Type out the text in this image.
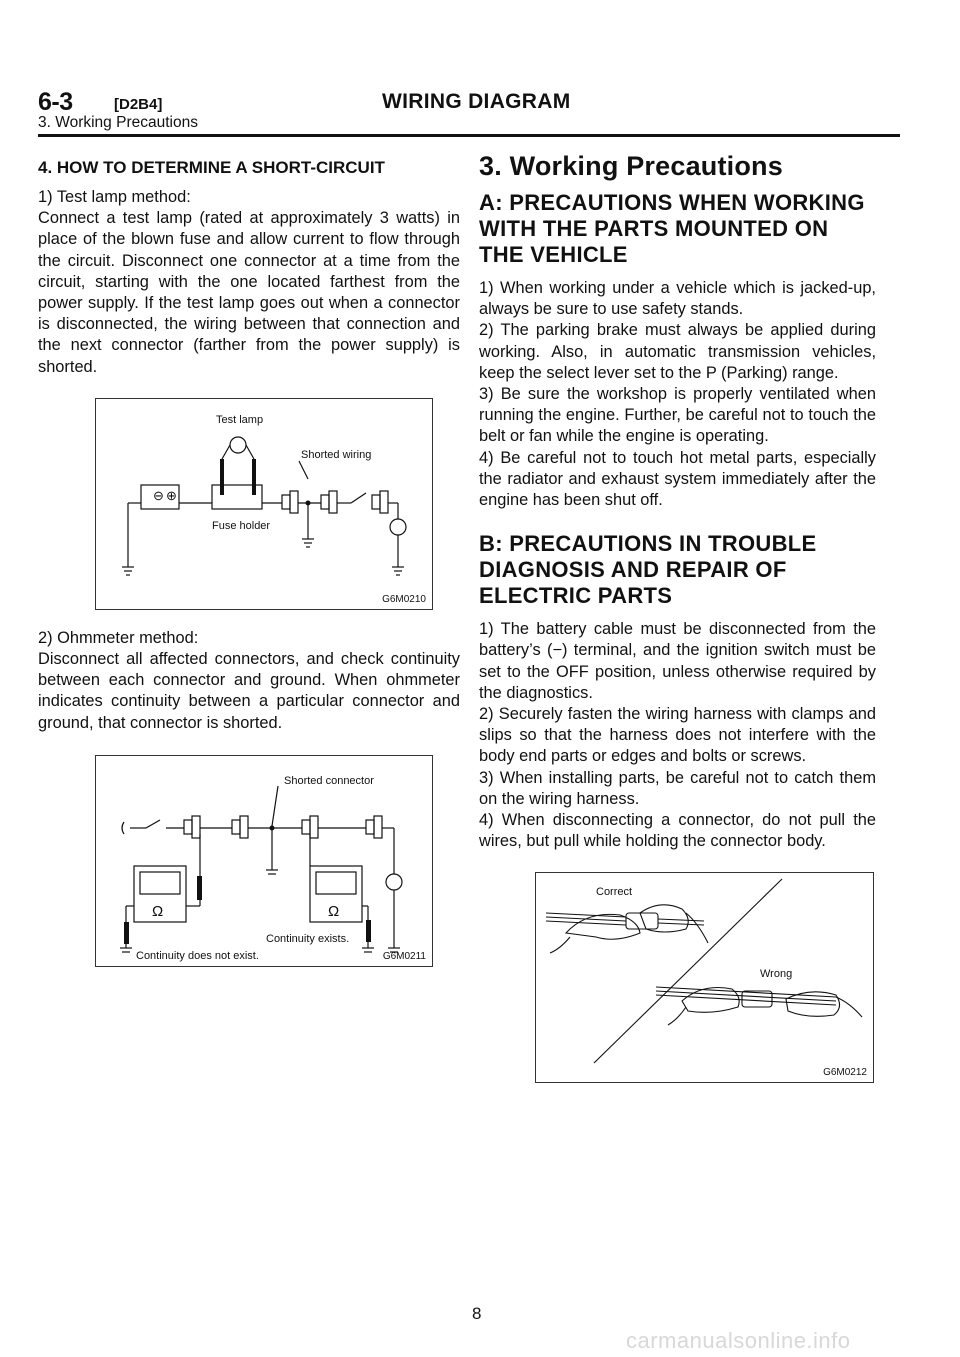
6-3	[D2B4]	WIRING DIAGRAM
3. Working Precautions
4. HOW TO DETERMINE A SHORT-CIRCUIT

1) Test lamp method:

Connect a test lamp (rated at approximately 3 watts) in place of the blown fuse and allow current to flow through the circuit. Disconnect one connector at a time from the circuit, starting with the one located farthest from the power supply. If the test lamp goes out when a connector is disconnected, the wiring between that connection and the next connector (farther from the power supply) is shorted.

⊖ ⊕
Test lamp
Shorted wiring
Fuse holder
G6M0210

2) Ohmmeter method:

Disconnect all affected connectors, and check continuity between each connector and ground. When ohmmeter indicates continuity between a particular connector and ground, that connector is shorted.

Ω	Ω
Shorted connector
Continuity exists.
Continuity does not exist.	G6M0211
3. Working Precautions
A: PRECAUTIONS WHEN WORKING WITH THE PARTS MOUNTED ON THE VEHICLE

1) When working under a vehicle which is jacked-up, always be sure to use safety stands.

2) The parking brake must always be applied during working. Also, in automatic transmission vehicles, keep the select lever set to the P (Parking) range.

3) Be sure the workshop is properly ventilated when running the engine. Further, be careful not to touch the belt or fan while the engine is operating.

4) Be careful not to touch hot metal parts, especially the radiator and exhaust system immediately after the engine has been shut off.

B: PRECAUTIONS IN TROUBLE DIAGNOSIS AND REPAIR OF ELECTRIC PARTS

1) The battery cable must be disconnected from the battery’s (−) terminal, and the ignition switch must be set to the OFF position, unless otherwise required by the diagnostics.

2) Securely fasten the wiring harness with clamps and slips so that the harness does not interfere with the body end parts or edges and bolts or screws.

3) When installing parts, be careful not to catch them on the wiring harness.

4) When disconnecting a connector, do not pull the wires, but pull while holding the connector body.

Correct
Wrong
G6M0212
8
carmanualsonline.info
